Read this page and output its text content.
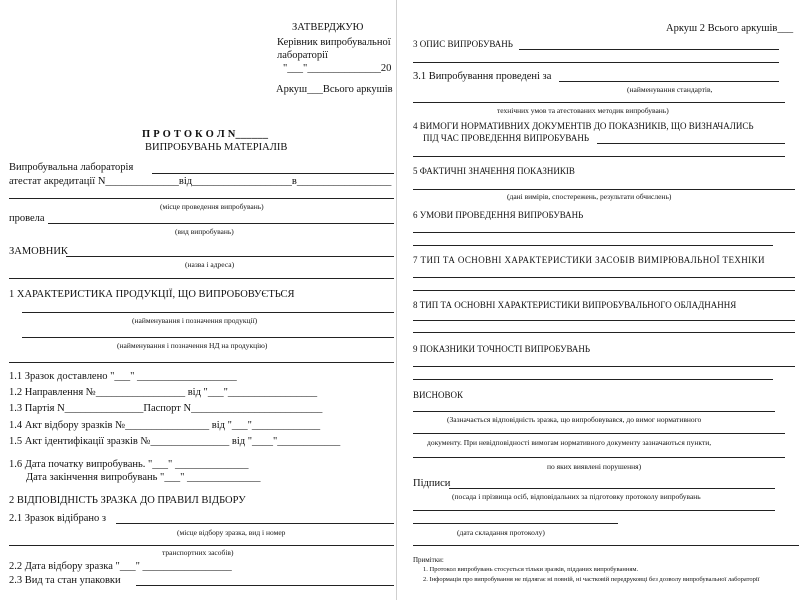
ЗАТВЕРДЖУЮ
Керівник випробувальної
лабораторії
"___"______________20
Аркуш___Всього аркушів
П Р О Т О К О Л N______
ВИПРОБУВАНЬ МАТЕРІАЛІВ
Випробувальна лабораторія
атестат акредитації N______________від___________________в__________________
(місце проведення випробувань)
провела
(вид випробувань)
ЗАМОВНИК
(назва і адреса)
1 ХАРАКТЕРИСТИКА ПРОДУКЦІЇ, ЩО ВИПРОБОВУЄТЬСЯ
(найменування і позначення продукції)
(найменування і позначення НД на продукцію)
1.1 Зразок доставлено "___" ___________________
1.2 Направлення №_________________ від "___"_________________
1.3 Партія N_______________Паспорт N_________________________
1.4 Акт відбору зразків №________________ від "___"_____________
1.5 Акт ідентифікації зразків №_______________ від "____"____________
1.6 Дата початку випробувань. "___" ______________
Дата закінчення випробувань "___" ______________
2 ВІДПОВІДНІСТЬ ЗРАЗКА ДО ПРАВИЛ ВІДБОРУ
2.1 Зразок відібрано з
(місце відбору зразка, вид і номер
транспортних засобів)
2.2 Дата відбору зразка "___" _________________
2.3 Вид та стан упаковки
Аркуш 2 Всього аркушів___
3 ОПИС ВИПРОБУВАНЬ
3.1 Випробування проведені за
(найменування стандартів,
технічних умов та атестованих методик випробувань)
4 ВИМОГИ НОРМАТИВНИХ ДОКУМЕНТІВ ДО ПОКАЗНИКІВ, ЩО ВИЗНАЧАЛИСЬ
ПІД ЧАС ПРОВЕДЕННЯ ВИПРОБУВАНЬ
5 ФАКТИЧНІ ЗНАЧЕННЯ ПОКАЗНИКІВ
(дані вимірів, спостережень, результати обчислень)
6 УМОВИ ПРОВЕДЕННЯ ВИПРОБУВАНЬ
7 ТИП ТА ОСНОВНІ ХАРАКТЕРИСТИКИ ЗАСОБІВ ВИМІРЮВАЛЬНОЇ ТЕХНІКИ
8 ТИП ТА ОСНОВНІ ХАРАКТЕРИСТИКИ ВИПРОБУВАЛЬНОГО ОБЛАДНАННЯ
9 ПОКАЗНИКИ ТОЧНОСТІ ВИПРОБУВАНЬ
ВИСНОВОК
(Зазначається відповідність зразка, що випробовувався, до вимог нормативного
документу. При невідповідності вимогам нормативного документу зазначаються пункти,
по яких виявлені порушення)
Підписи
(посада і прізвища осіб, відповідальних за підготовку протоколу випробувань
(дата складання протоколу)
Примітки:
1. Протокол випробувань стосується тільки зразків, підданих випробуванням.
2. Інформація про випробування не підлягає ні повній, ні частковій передруковці без дозволу випробувальної лабораторії
